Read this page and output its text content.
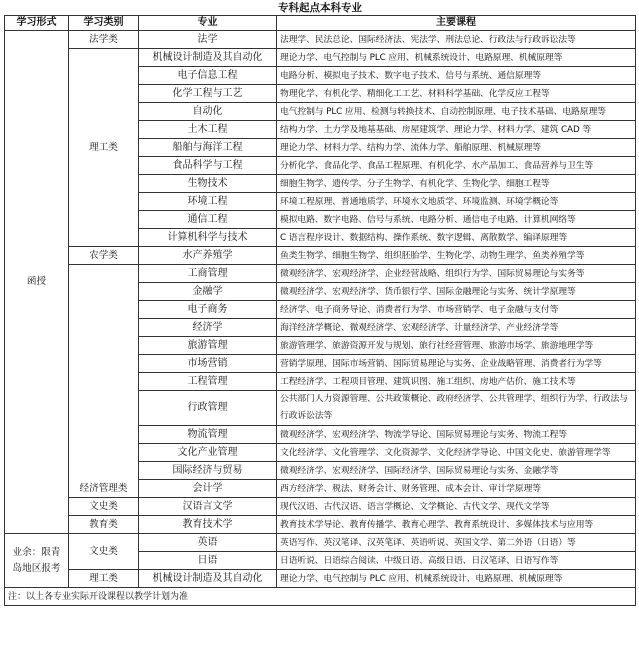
专科起点本科专业			
学习形式	学习类别	专业	主要课程
函授	法学类	法学	法理学、民法总论、国际经济法、宪法学、刑法总论、行政法与行政诉讼法等
	理工类	机械设计制造及其自动化	理论力学、电气控制与 PLC 应用、机械系统设计、电路原理、机械原理等
		电子信息工程	电路分析、模拟电子技术、数字电子技术、信号与系统、通信原理等
		化学工程与工艺	物理化学、有机化学、精细化工工艺、材料科学基础、化学反应工程等
		自动化	电气控制与 PLC 应用、检测与转换技术、自动控制原理、电子技术基础、电路原理等
		土木工程	结构力学、土力学及地基基础、房屋建筑学、理论力学、材料力学、建筑 CAD 等
		船舶与海洋工程	理论力学、材料力学、结构力学、流体力学、船舶原理、机械原理等
		食品科学与工程	分析化学、食品化学、食品工程原理、有机化学、水产品加工、食品营养与卫生等
		生物技术	细胞生物学、遗传学、分子生物学、有机化学、生物化学、细胞工程等
		环境工程	环境工程原理、普通地质学、环境水文地质学、环境监测、环境学概论等
		通信工程	模拟电路、数字电路、信号与系统、电路分析、通信电子电路、计算机网络等
		计算机科学与技术	C 语言程序设计、数据结构、操作系统、数字逻辑、离散数学、编译原理等
	农学类	水产养殖学	鱼类生物学、细胞生物学、组织胚胎学、生物化学、动物生理学、鱼类养殖学等
	经济管理类	工商管理	微观经济学、宏观经济学、企业经营战略、组织行为学、国际贸易理论与实务等
		金融学	微观经济学、宏观经济学、货币银行学、国际金融理论与实务、统计学原理等
		电子商务	经济学、电子商务导论、消费者行为学、市场营销学、电子金融与支付等
		经济学	海洋经济学概论、微观经济学、宏观经济学、计量经济学、产业经济学等
		旅游管理	旅游管理学、旅游资源开发与规划、旅行社经营管理、旅游市场学、旅游地理学等
		市场营销	营销学原理、国际市场营销、国际贸易理论与实务、企业战略管理、消费者行为学等
		工程管理	工程经济学、工程项目管理、建筑识图、施工组织、房地产估价、施工技术等
		行政管理	公共部门人力资源管理、公共政策概论、政府经济学、公共管理学、组织行为学、行政法与行政诉讼法等
		物流管理	微观经济学、宏观经济学、物流学导论、国际贸易理论与实务、物流工程等
		文化产业管理	文化经济学、文化管理学、文化资源学、文化经济学导论、中国文化史、旅游管理学等
		国际经济与贸易	微观经济学、宏观经济学、国际经济学、国际贸易理论与实务、金融学等
		会计学	西方经济学、税法、财务会计、财务管理、成本会计、审计学原理等
	文史类	汉语言文学	现代汉语、古代汉语、语言学概论、文学概论、古代文学、现代文学等
	教育类	教育技术学	教育技术学导论、教育传播学、教育心理学、教育系统设计、多媒体技术与应用等
业余：限青岛地区报考	文史类	英语	英语写作、英汉笔译、汉英笔译、英语听说、英国文学、第二外语（日语）等
		日语	日语听说、日语综合阅读、中级日语、高级日语、日汉笔译、日语写作等
	理工类	机械设计制造及其自动化	理论力学、电气控制与 PLC 应用、机械系统设计、电路原理、机械原理等
注：以上各专业实际开设课程以教学计划为准			
